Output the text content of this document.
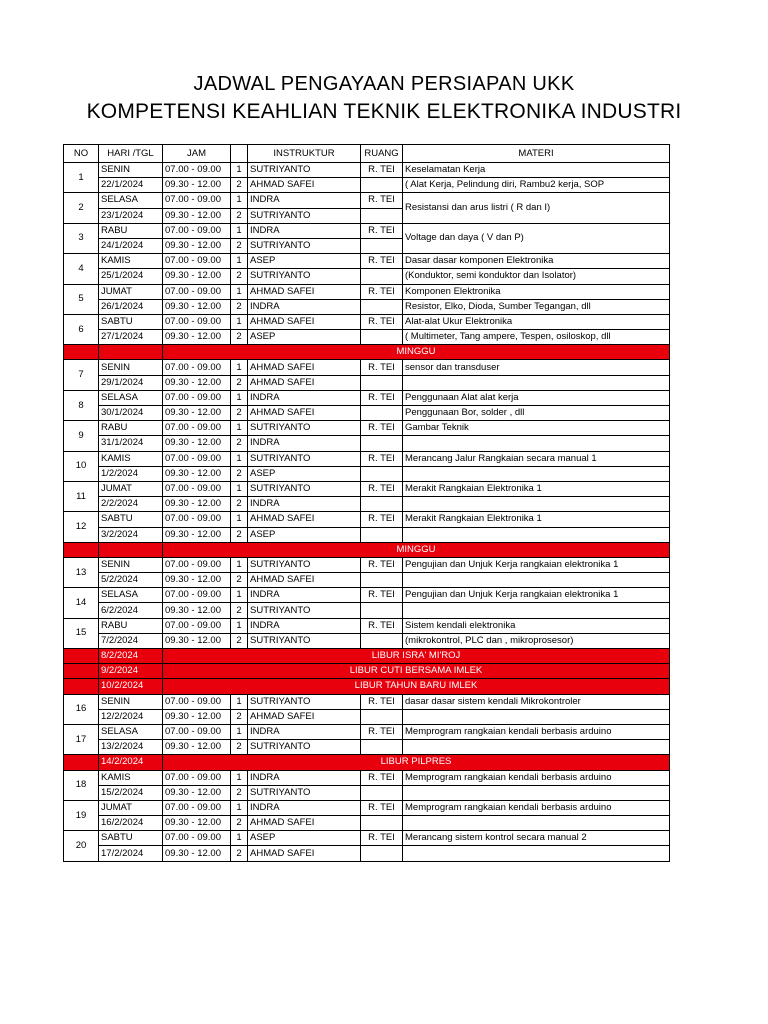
JADWAL PENGAYAAN PERSIAPAN UKK
KOMPETENSI KEAHLIAN TEKNIK ELEKTRONIKA INDUSTRI
NO	HARI /TGL	JAM		INSTRUKTUR	RUANG	MATERI
1	SENIN	07.00 - 09.00	1	SUTRIYANTO	R. TEI	Keselamatan Kerja
	22/1/2024	09.30 - 12.00	2	AHMAD SAFEI		( Alat Kerja, Pelindung diri, Rambu2 kerja, SOP
2	SELASA	07.00 - 09.00	1	INDRA	R. TEI	Resistansi dan arus listri ( R dan I)
	23/1/2024	09.30 - 12.00	2	SUTRIYANTO		
3	RABU	07.00 - 09.00	1	INDRA	R. TEI	Voltage dan daya ( V dan P)
	24/1/2024	09.30 - 12.00	2	SUTRIYANTO		
4	KAMIS	07.00 - 09.00	1	ASEP	R. TEI	Dasar dasar komponen Elektronika
	25/1/2024	09.30 - 12.00	2	SUTRIYANTO		(Konduktor, semi konduktor dan Isolator)
5	JUMAT	07.00 - 09.00	1	AHMAD SAFEI	R. TEI	Komponen Elektronika
	26/1/2024	09.30 - 12.00	2	INDRA		Resistor, Elko, Dioda, Sumber Tegangan, dll
6	SABTU	07.00 - 09.00	1	AHMAD SAFEI	R. TEI	Alat-alat Ukur Elektronika
	27/1/2024	09.30 - 12.00	2	ASEP		( Multimeter, Tang ampere, Tespen, osiloskop, dll
		MINGGU				
7	SENIN	07.00 - 09.00	1	AHMAD SAFEI	R. TEI	sensor dan transduser
	29/1/2024	09.30 - 12.00	2	AHMAD SAFEI		
8	SELASA	07.00 - 09.00	1	INDRA	R. TEI	Penggunaan Alat alat kerja
	30/1/2024	09.30 - 12.00	2	AHMAD SAFEI		Penggunaan Bor, solder , dll
9	RABU	07.00 - 09.00	1	SUTRIYANTO	R. TEI	Gambar Teknik
	31/1/2024	09.30 - 12.00	2	INDRA		
10	KAMIS	07.00 - 09.00	1	SUTRIYANTO	R. TEI	Merancang Jalur Rangkaian secara manual 1
	1/2/2024	09.30 - 12.00	2	ASEP		
11	JUMAT	07.00 - 09.00	1	SUTRIYANTO	R. TEI	Merakit Rangkaian Elektronika 1
	2/2/2024	09.30 - 12.00	2	INDRA		
12	SABTU	07.00 - 09.00	1	AHMAD SAFEI	R. TEI	Merakit Rangkaian Elektronika 1
	3/2/2024	09.30 - 12.00	2	ASEP		
		MINGGU				
13	SENIN	07.00 - 09.00	1	SUTRIYANTO	R. TEI	Pengujian dan Unjuk Kerja rangkaian elektronika 1
	5/2/2024	09.30 - 12.00	2	AHMAD SAFEI		
14	SELASA	07.00 - 09.00	1	INDRA	R. TEI	Pengujian dan Unjuk Kerja rangkaian elektronika 1
	6/2/2024	09.30 - 12.00	2	SUTRIYANTO		
15	RABU	07.00 - 09.00	1	INDRA	R. TEI	Sistem kendali elektronika
	7/2/2024	09.30 - 12.00	2	SUTRIYANTO		(mikrokontrol, PLC dan , mikroprosesor)
	8/2/2024	LIBUR ISRA' MI'ROJ				
	9/2/2024	LIBUR CUTI BERSAMA IMLEK				
	10/2/2024	LIBUR TAHUN BARU IMLEK				
16	SENIN	07.00 - 09.00	1	SUTRIYANTO	R. TEI	dasar dasar sistem kendali Mikrokontroler
	12/2/2024	09.30 - 12.00	2	AHMAD SAFEI		
17	SELASA	07.00 - 09.00	1	INDRA	R. TEI	Memprogram rangkaian kendali berbasis arduino
	13/2/2024	09.30 - 12.00	2	SUTRIYANTO		
	14/2/2024	LIBUR PILPRES				
18	KAMIS	07.00 - 09.00	1	INDRA	R. TEI	Memprogram rangkaian kendali berbasis arduino
	15/2/2024	09.30 - 12.00	2	SUTRIYANTO		
19	JUMAT	07.00 - 09.00	1	INDRA	R. TEI	Memprogram rangkaian kendali berbasis arduino
	16/2/2024	09.30 - 12.00	2	AHMAD SAFEI		
20	SABTU	07.00 - 09.00	1	ASEP	R. TEI	Merancang sistem kontrol secara manual 2
	17/2/2024	09.30 - 12.00	2	AHMAD SAFEI		
